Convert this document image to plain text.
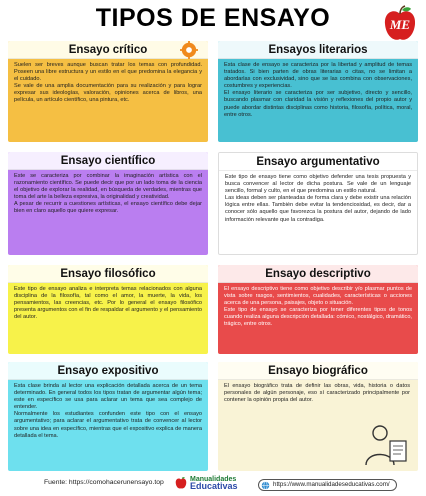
TIPOS DE ENSAYO	ME
Ensayo crítico

Suelen ser breves aunque buscan tratar los temas con profundidad. Poseen una libre estructura y un estilo en el que predomina la elegancia y el cuidado.

Se vale de una amplia documentación para su realización y para lograr expresar sus ideologías, valoración, opiniones acerca de libros, una película, un artículo científico, una pintura, etc.

Ensayos literarios

Esta clase de ensayo se caracteriza por la libertad y amplitud de temas tratados. Si bien parten de obras literarias o citas, no se limitan a abordarlas con exclusividad, sino que se las combina con observaciones, costumbres y experiencias.

El ensayo literario se caracteriza por ser subjetivo, directo y sencillo, buscando plasmar con claridad la visión y reflexiones del propio autor y puede abordar distintas disciplinas como historia, filosofía, política, moral, entre otros.

Ensayo científico

Este se caracteriza por combinar la imaginación artística con el razonamiento científico. Se puede decir que por un lado toma de la ciencia el objetivo de explorar la realidad, en búsqueda de verdades, mientras que toma del arte la belleza expresiva, la originalidad y creatividad.

A pesar de recurrir a cuestiones artísticas, el ensayo científico debe dejar bien en claro aquello que quiere expresar.

Ensayo argumentativo

Este tipo de ensayo tiene como objetivo defender una tesis propuesta y busca convencer al lector de dicha postura. Se vale de un lenguaje sencillo, formal y culto, en el que predomina un estilo natural.

Las ideas deben ser planteadas de forma clara y debe existir una relación lógica entre ellas. También debe evitar la tendenciosidad, es decir, dar a conocer sólo aquello que favorezca la postura del autor, dejando de lado información relevante que la contradiga.

Ensayo filosófico

Este tipo de ensayo analiza e interpreta temas relacionados con alguna disciplina de la filosofía, tal como el amor, la muerte, la vida, los pensamientos, las creencias, etc. Por lo general el ensayo filosófico presenta argumentos con el fin de respaldar el argumento y el pensamiento del autor.

Ensayo descriptivo

El ensayo descriptivo tiene como objetivo describir y/o plasmar puntos de vista sobre rasgos, sentimientos, cualidades, características o acciones acerca de una persona, paisajes, objeto o situación.

Este tipo de ensayo se caracteriza por tener diferentes tipos de tonos cuando realiza alguna descripción detallada: cómico, nostálgico, dramático, trágico, entre otros.

Ensayo expositivo

Esta clase brinda al lector una explicación detallada acerca de un tema determinado. En general todos los tipos tratan de argumentar algún tema; este en específico se usa para aclarar un tema que sea complejo de entender.

Normalmente los estudiantes confunden este tipo con el ensayo argumentativo; para aclarar el argumentativo trata de convencer al lector sobre una idea en específico, mientras que el expositivo explica de manera detallada el tema.

Ensayo biográfico

El ensayo biográfico trata de definir las obras, vida, historia o datos personales de algún personaje, eso sí caracterizado principalmente por contener la opinión propia del autor.

Fuente: https://comohacerunensayo.top	Manualidades
Educativas	https://www.manualidadeseducativas.com/
